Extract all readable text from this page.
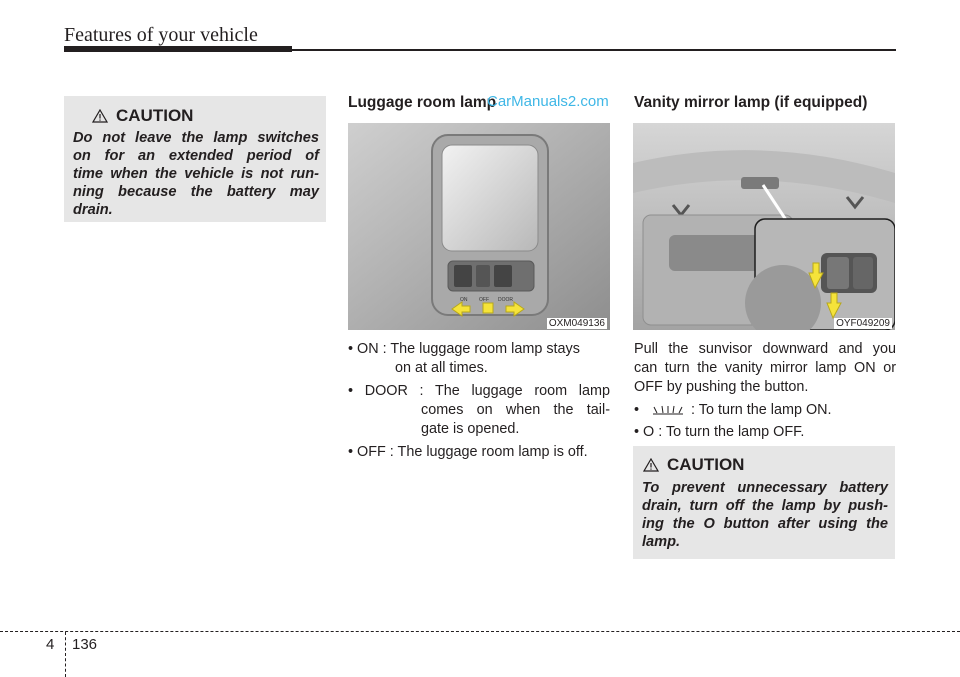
Features of your vehicle
CAUTION
Do not leave the lamp switches
on for an extended period of
time when the vehicle is not run-
ning because the battery may
drain.
Luggage room lamp
CarManuals2.com
ON OFF DOOR
OXM049136
• ON : The luggage room lamp stays
on at all times.
• DOOR : The luggage room lamp
comes on when the tail-
gate is opened.
• OFF : The luggage room lamp is off.
Vanity mirror lamp (if equipped)
OYF049209
Pull the sunvisor downward and you
can turn the vanity mirror lamp ON or
OFF by pushing the button.
•	: To turn the lamp ON.
• O : To turn the lamp OFF.
CAUTION
To prevent unnecessary battery
drain, turn off the lamp by push-
ing the O button after using the
lamp.
4 136
